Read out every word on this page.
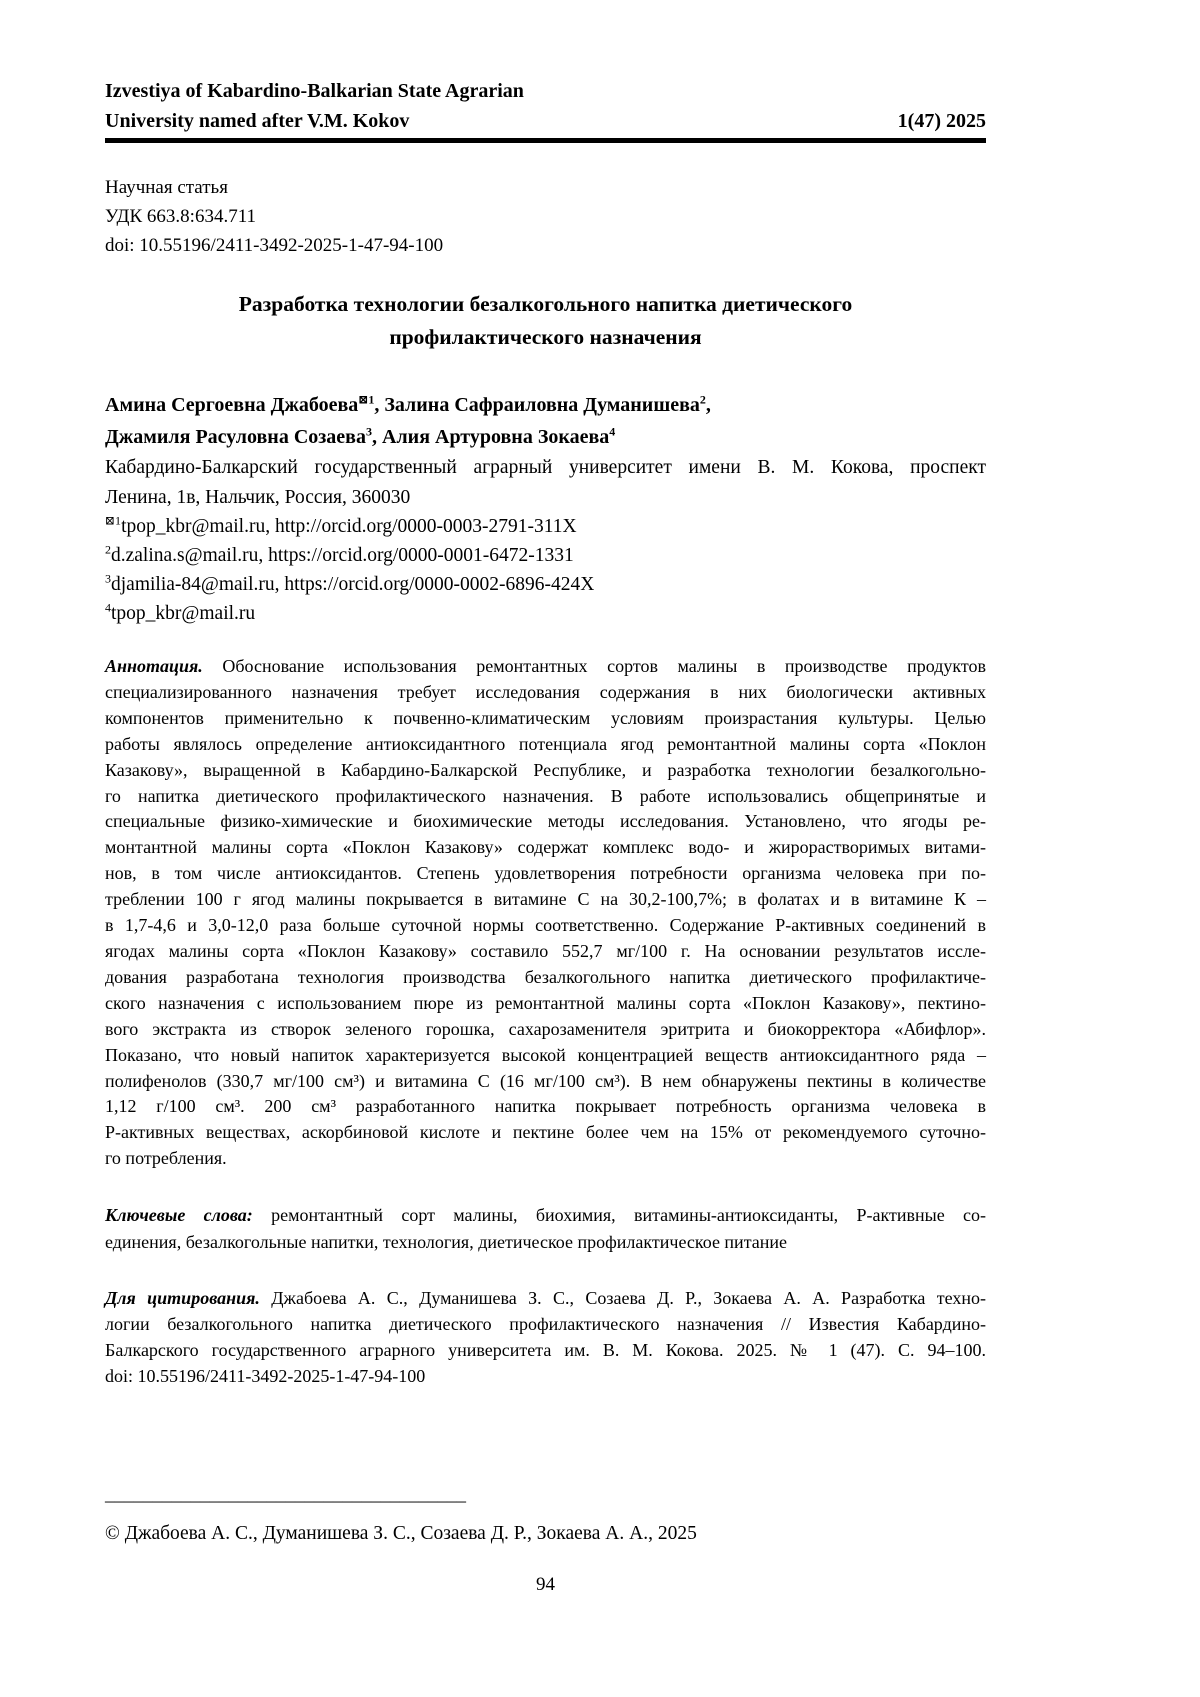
Izvestiya of Kabardino-Balkarian State Agrarian
University named after V.M. Kokov	1(47) 2025
Научная статья
УДК 663.8:634.711
doi: 10.55196/2411-3492-2025-1-47-94-100
Разработка технологии безалкогольного напитка диетического
профилактического назначения
Амина Сергоевна Джабоева$^{⊠1}$, Залина Сафраиловна Думанишева$^2$,
Джамиля Расуловна Созаева$^3$, Алия Артуровна Зокаева$^4$
Кабардино-Балкарский государственный аграрный университет имени В. М. Кокова, проспект
Ленина, 1в, Нальчик, Россия, 360030
$^{⊠1}$tpop_kbr@mail.ru, http://orcid.org/0000-0003-2791-311X
$^2$d.zalina.s@mail.ru, https://orcid.org/0000-0001-6472-1331
$^3$djamilia-84@mail.ru, https://orcid.org/0000-0002-6896-424X
$^4$tpop_kbr@mail.ru
Аннотация. Обоснование использования ремонтантных сортов малины в производстве продуктов
специализированного назначения требует исследования содержания в них биологически активных
компонентов применительно к почвенно-климатическим условиям произрастания культуры. Целью
работы являлось определение антиоксидантного потенциала ягод ремонтантной малины сорта «Поклон
Казакову», выращенной в Кабардино-Балкарской Республике, и разработка технологии безалкогольно-
го напитка диетического профилактического назначения. В работе использовались общепринятые и
специальные физико-химические и биохимические методы исследования. Установлено, что ягоды ре-
монтантной малины сорта «Поклон Казакову» содержат комплекс водо- и жирорастворимых витами-
нов, в том числе антиоксидантов. Степень удовлетворения потребности организма человека при по-
треблении 100 г ягод малины покрывается в витамине С на 30,2-100,7%; в фолатах и в витамине К –
в 1,7-4,6 и 3,0-12,0 раза больше суточной нормы соответственно. Содержание Р-активных соединений в
ягодах малины сорта «Поклон Казакову» составило 552,7 мг/100 г. На основании результатов иссле-
дования разработана технология производства безалкогольного напитка диетического профилактиче-
ского назначения с использованием пюре из ремонтантной малины сорта «Поклон Казакову», пектино-
вого экстракта из створок зеленого горошка, сахарозаменителя эритрита и биокорректора «Абифлор».
Показано, что новый напиток характеризуется высокой концентрацией веществ антиоксидантного ряда –
полифенолов (330,7 мг/100 см³) и витамина С (16 мг/100 см³). В нем обнаружены пектины в количестве
1,12 г/100 см³. 200 см³ разработанного напитка покрывает потребность организма человека в
Р-активных веществах, аскорбиновой кислоте и пектине более чем на 15% от рекомендуемого суточно-
го потребления.
Ключевые слова: ремонтантный сорт малины, биохимия, витамины-антиоксиданты, Р-активные со-
единения, безалкогольные напитки, технология, диетическое профилактическое питание
Для цитирования. Джабоева А. С., Думанишева З. С., Созаева Д. Р., Зокаева А. А. Разработка техно-
логии безалкогольного напитка диетического профилактического назначения // Известия Кабардино-
Балкарского государственного аграрного университета им. В. М. Кокова. 2025. № 1 (47). С. 94–100.
doi: 10.55196/2411-3492-2025-1-47-94-100
______________________________________
© Джабоева А. С., Думанишева З. С., Созаева Д. Р., Зокаева А. А., 2025
94
